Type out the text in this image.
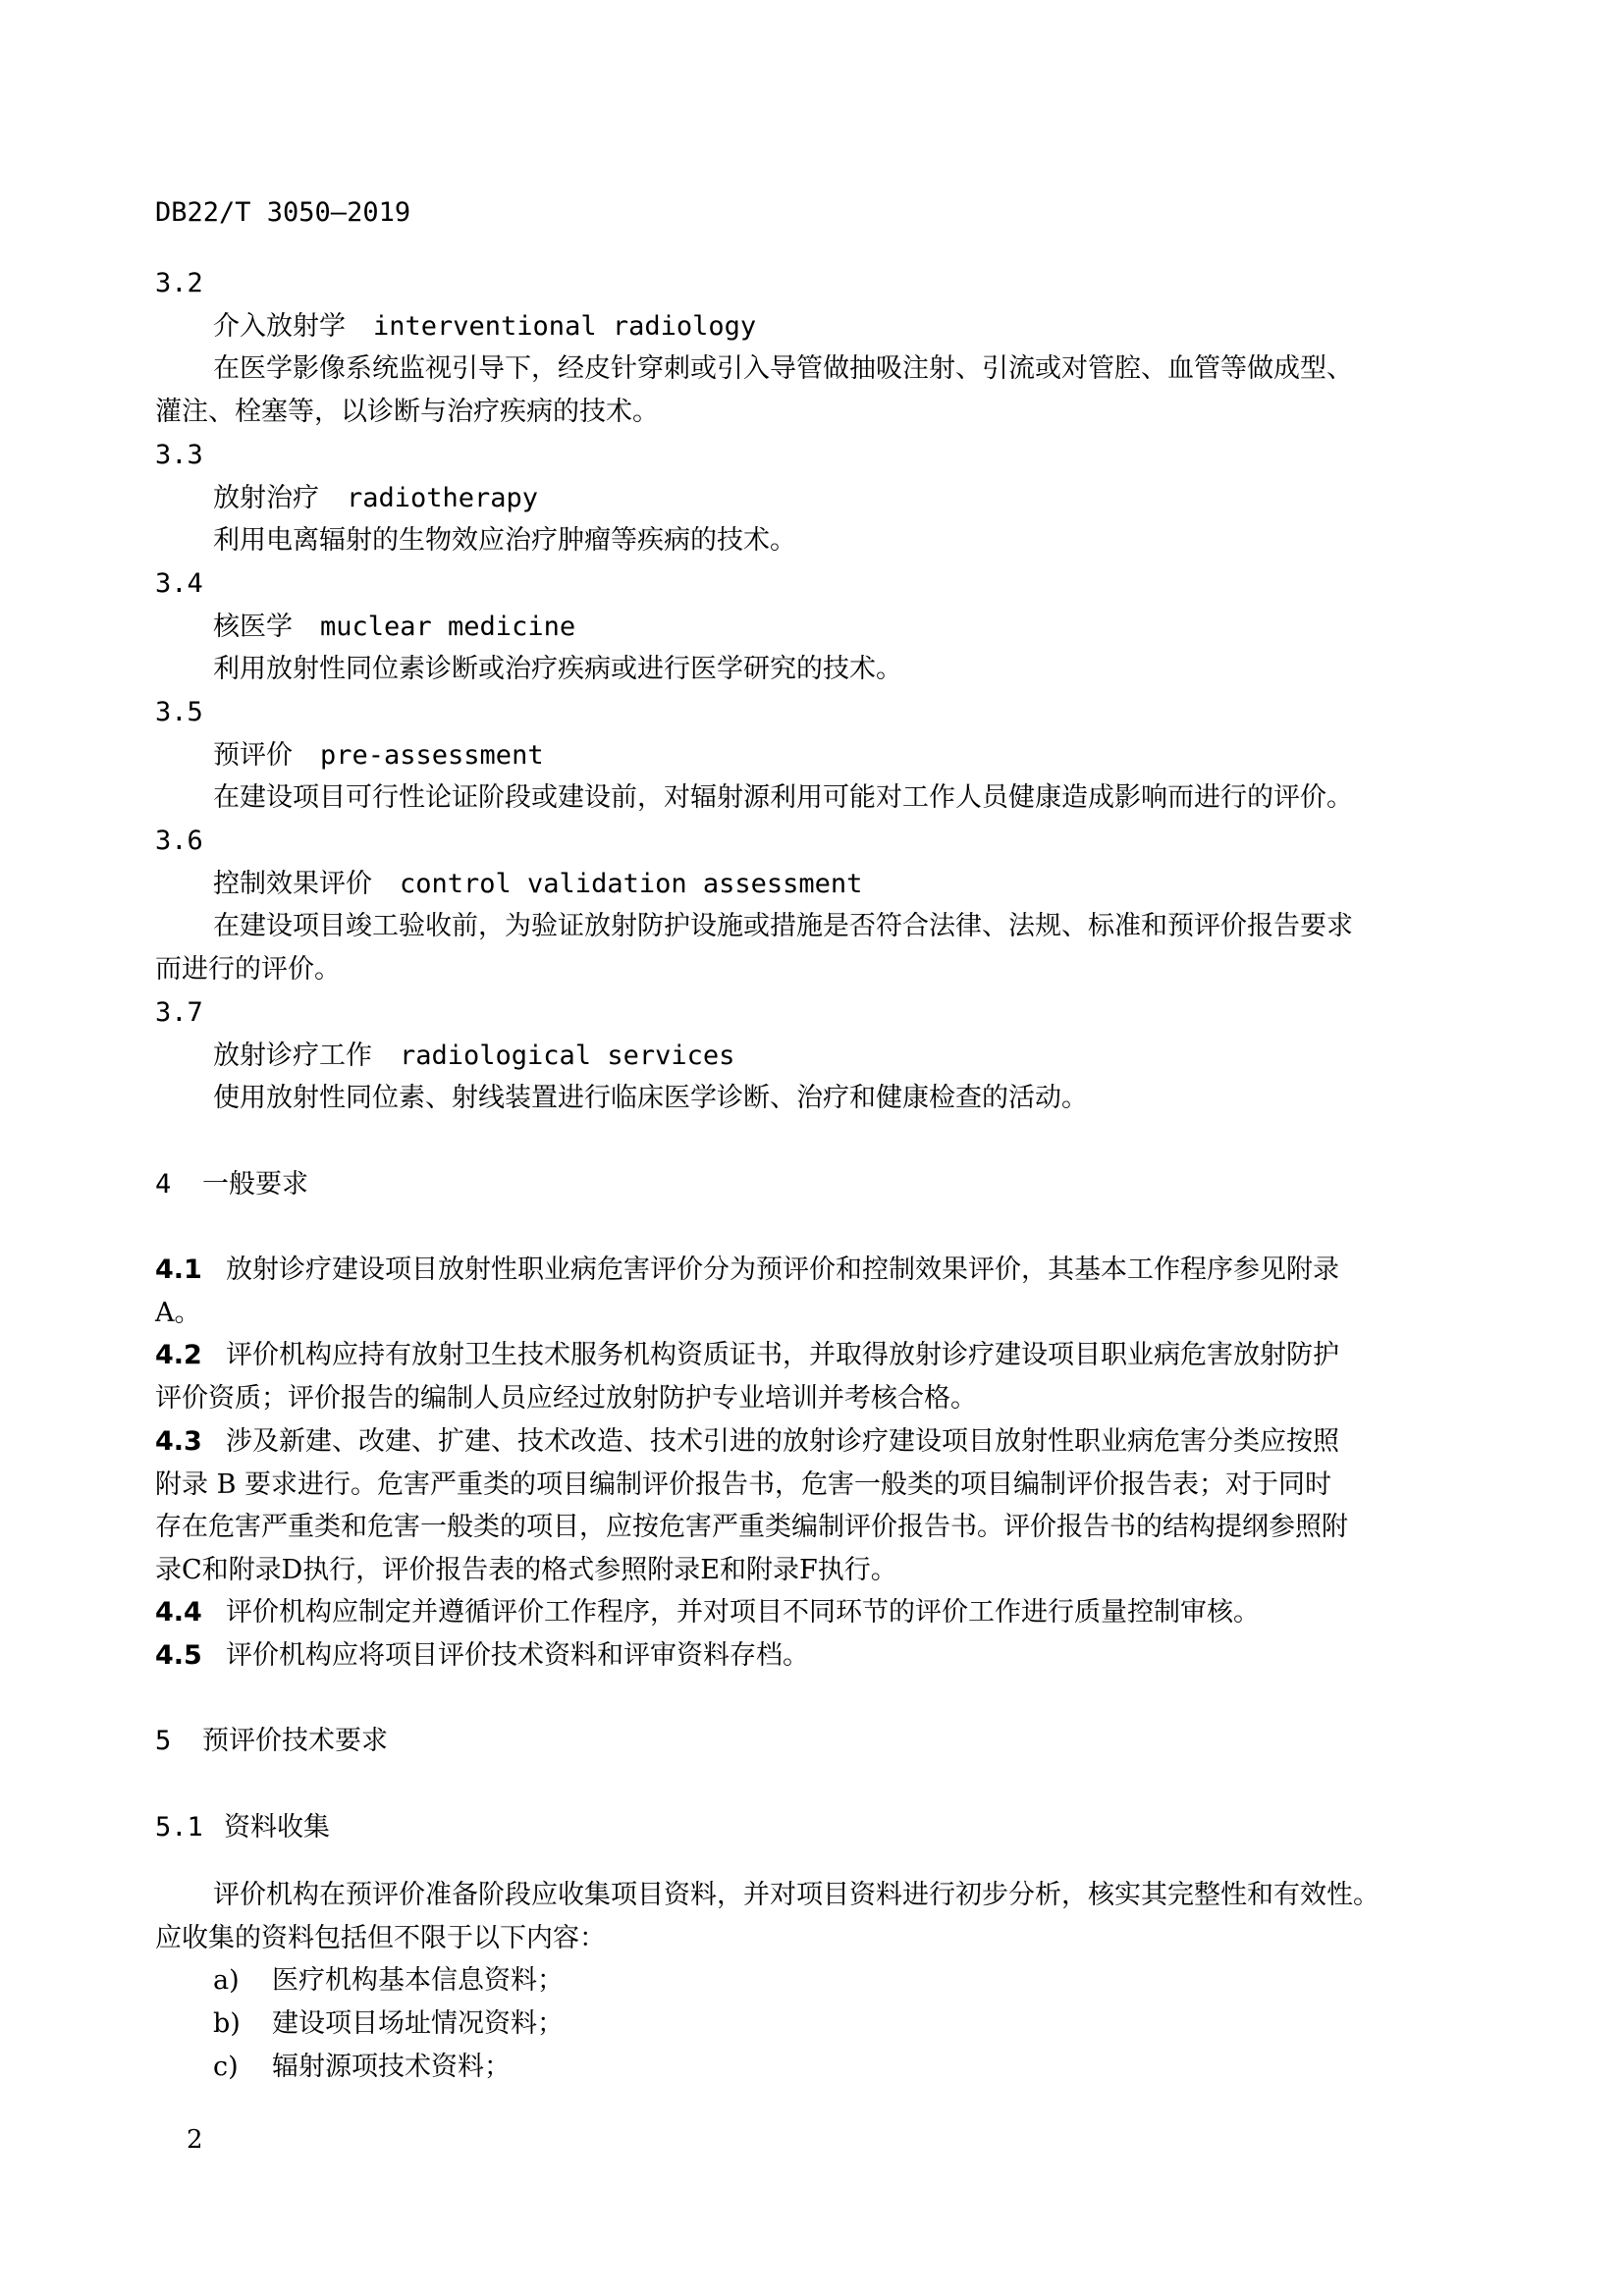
DB22/T 3050—2019
3.2
介入放射学 interventional radiology
在医学影像系统监视引导下，经皮针穿刺或引入导管做抽吸注射、引流或对管腔、血管等做成型、
灌注、栓塞等，以诊断与治疗疾病的技术。
3.3
放射治疗 radiotherapy
利用电离辐射的生物效应治疗肿瘤等疾病的技术。
3.4
核医学 muclear medicine
利用放射性同位素诊断或治疗疾病或进行医学研究的技术。
3.5
预评价 pre-assessment
在建设项目可行性论证阶段或建设前，对辐射源利用可能对工作人员健康造成影响而进行的评价。
3.6
控制效果评价 control validation assessment
在建设项目竣工验收前，为验证放射防护设施或措施是否符合法律、法规、标准和预评价报告要求
而进行的评价。
3.7
放射诊疗工作 radiological services
使用放射性同位素、射线装置进行临床医学诊断、治疗和健康检查的活动。
4 一般要求
4.1 放射诊疗建设项目放射性职业病危害评价分为预评价和控制效果评价，其基本工作程序参见附录
A。
4.2 评价机构应持有放射卫生技术服务机构资质证书，并取得放射诊疗建设项目职业病危害放射防护
评价资质；评价报告的编制人员应经过放射防护专业培训并考核合格。
4.3 涉及新建、改建、扩建、技术改造、技术引进的放射诊疗建设项目放射性职业病危害分类应按照
附录 B 要求进行。危害严重类的项目编制评价报告书，危害一般类的项目编制评价报告表；对于同时
存在危害严重类和危害一般类的项目，应按危害严重类编制评价报告书。评价报告书的结构提纲参照附
录C和附录D执行，评价报告表的格式参照附录E和附录F执行。
4.4 评价机构应制定并遵循评价工作程序，并对项目不同环节的评价工作进行质量控制审核。
4.5 评价机构应将项目评价技术资料和评审资料存档。
5 预评价技术要求
5.1 资料收集
评价机构在预评价准备阶段应收集项目资料，并对项目资料进行初步分析，核实其完整性和有效性。
应收集的资料包括但不限于以下内容：
a) 医疗机构基本信息资料；
b) 建设项目场址情况资料；
c) 辐射源项技术资料；
2
